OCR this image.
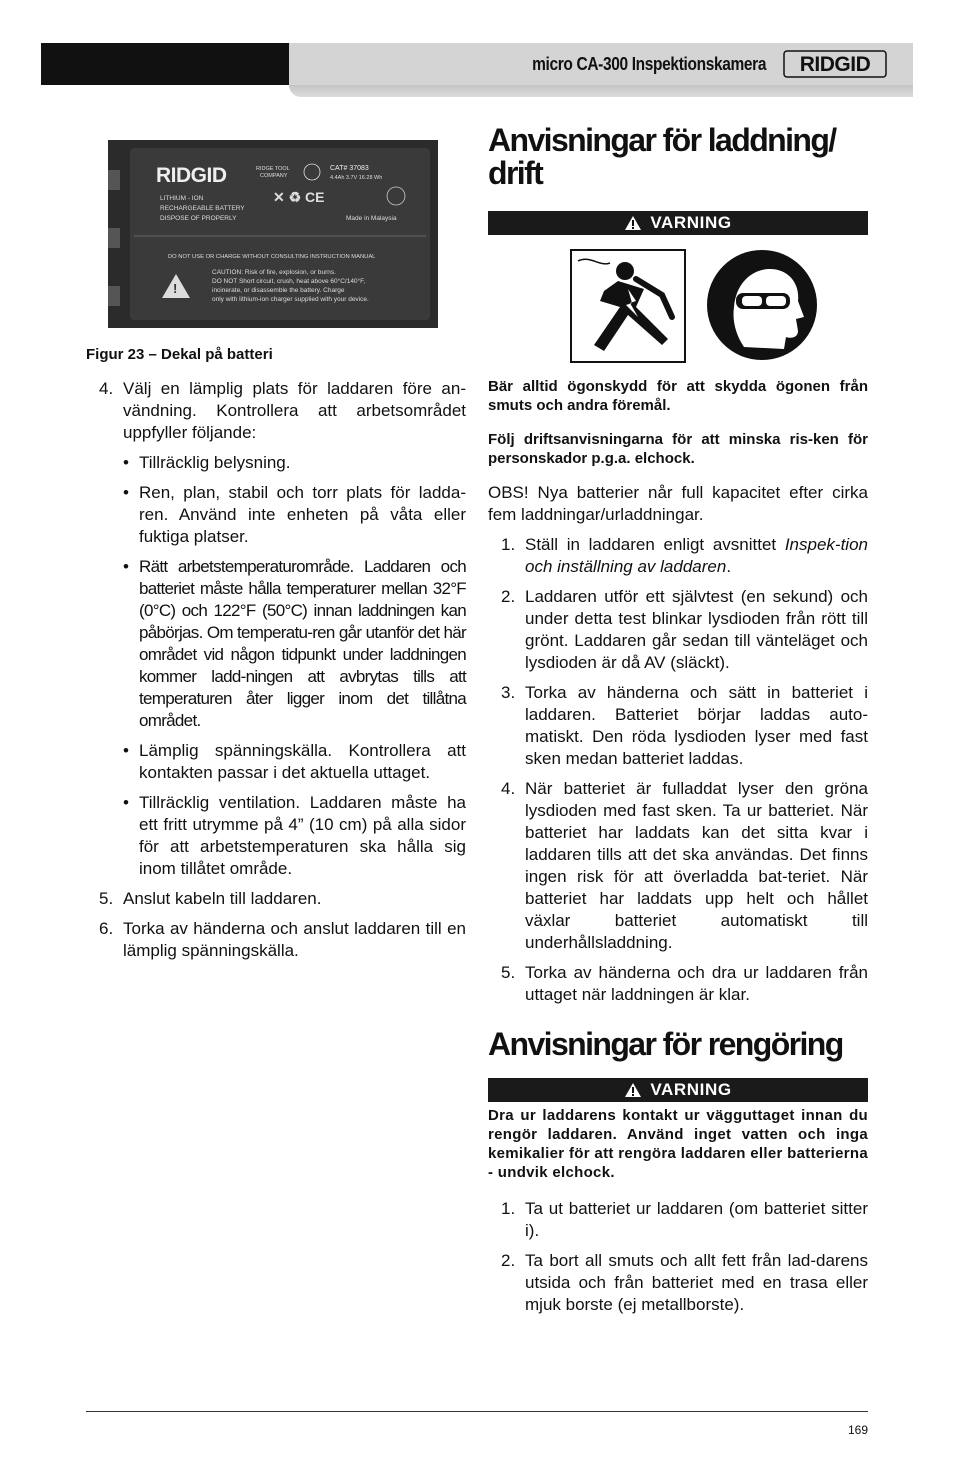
micro CA-300 Inspektionskamera RIDGID
RIDGID	RIDGE TOOL
COMPANY
CAT# 37083
4.4Ah 3.7V 16.28 Wh
LITHIUM - ION
RECHARGEABLE BATTERY
DISPOSE OF PROPERLY
✕ ♻ CE
Made in Malaysia
DO NOT USE OR CHARGE WITHOUT CONSULTING INSTRUCTION MANUAL
!
CAUTION: Risk of fire, explosion, or burns.
DO NOT Short circuit, crush, heat above 60°C/140°F,
incinerate, or disassemble the battery. Charge
only with lithium-ion charger supplied with your device.
Figur 23 – Dekal på batteri
4. Välj en lämplig plats för laddaren före an-vändning. Kontrollera att arbetsområdet uppfyller följande:
• Tillräcklig belysning.
• Ren, plan, stabil och torr plats för ladda-ren. Använd inte enheten på våta eller fuktiga platser.
• Rätt arbetstemperaturområde. Laddaren och batteriet måste hålla temperaturer mellan 32°F (0°C) och 122°F (50°C) innan laddningen kan påbörjas. Om temperatu-ren går utanför det här området vid någon tidpunkt under laddningen kommer ladd-ningen att avbrytas tills att temperaturen åter ligger inom det tillåtna området.
• Lämplig spänningskälla. Kontrollera att kontakten passar i det aktuella uttaget.
• Tillräcklig ventilation. Laddaren måste ha ett fritt utrymme på 4” (10 cm) på alla sidor för att arbetstemperaturen ska hålla sig inom tillåtet område.
5. Anslut kabeln till laddaren.
6. Torka av händerna och anslut laddaren till en lämplig spänningskälla.
Anvisningar för laddning/ drift
VARNING

Bär alltid ögonskydd för att skydda ögonen från smuts och andra föremål.

Följ driftsanvisningarna för att minska ris-ken för personskador p.g.a. elchock.

OBS! Nya batterier når full kapacitet efter cirka fem laddningar/urladdningar.

1. Ställ in laddaren enligt avsnittet Inspek-tion och inställning av laddaren.
2. Laddaren utför ett självtest (en sekund) och under detta test blinkar lysdioden från rött till grönt. Laddaren går sedan till vänteläget och lysdioden är då AV (släckt).
3. Torka av händerna och sätt in batteriet i laddaren. Batteriet börjar laddas auto-matiskt. Den röda lysdioden lyser med fast sken medan batteriet laddas.
4. När batteriet är fulladdat lyser den gröna lysdioden med fast sken. Ta ur batteriet. När batteriet har laddats kan det sitta kvar i laddaren tills att det ska användas. Det finns ingen risk för att överladda bat-teriet. När batteriet har laddats upp helt och hållet växlar batteriet automatiskt till underhållsladdning.
5. Torka av händerna och dra ur laddaren från uttaget när laddningen är klar.
Anvisningar för rengöring
VARNING

Dra ur laddarens kontakt ur vägguttaget innan du rengör laddaren. Använd inget vatten och inga kemikalier för att rengöra laddaren eller batterierna - undvik elchock.

1. Ta ut batteriet ur laddaren (om batteriet sitter i).
2. Ta bort all smuts och allt fett från lad-darens utsida och från batteriet med en trasa eller mjuk borste (ej metallborste).
169
